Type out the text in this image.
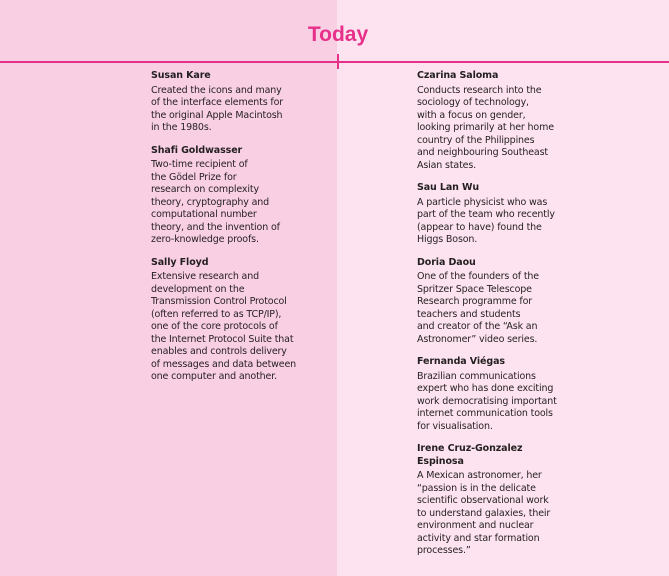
Today

Susan Kare

Created the icons and many
of the interface elements for
the original Apple Macintosh
in the 1980s.

Shafi Goldwasser

Two-time recipient of
the Gödel Prize for
research on complexity
theory, cryptography and
computational number
theory, and the invention of
zero-knowledge proofs.

Sally Floyd

Extensive research and
development on the
Transmission Control Protocol
(often referred to as TCP/IP),
one of the core protocols of
the Internet Protocol Suite that
enables and controls delivery
of messages and data between
one computer and another.

Czarina Saloma

Conducts research into the
sociology of technology,
with a focus on gender,
looking primarily at her home
country of the Philippines
and neighbouring Southeast
Asian states.

Sau Lan Wu

A particle physicist who was
part of the team who recently
(appear to have) found the
Higgs Boson.

Doria Daou

One of the founders of the
Spritzer Space Telescope
Research programme for
teachers and students
and creator of the “Ask an
Astronomer” video series.

Fernanda Viégas

Brazilian communications
expert who has done exciting
work democratising important
internet communication tools
for visualisation.

Irene Cruz-Gonzalez
Espinosa

A Mexican astronomer, her
“passion is in the delicate
scientific observational work
to understand galaxies, their
environment and nuclear
activity and star formation
processes.”
